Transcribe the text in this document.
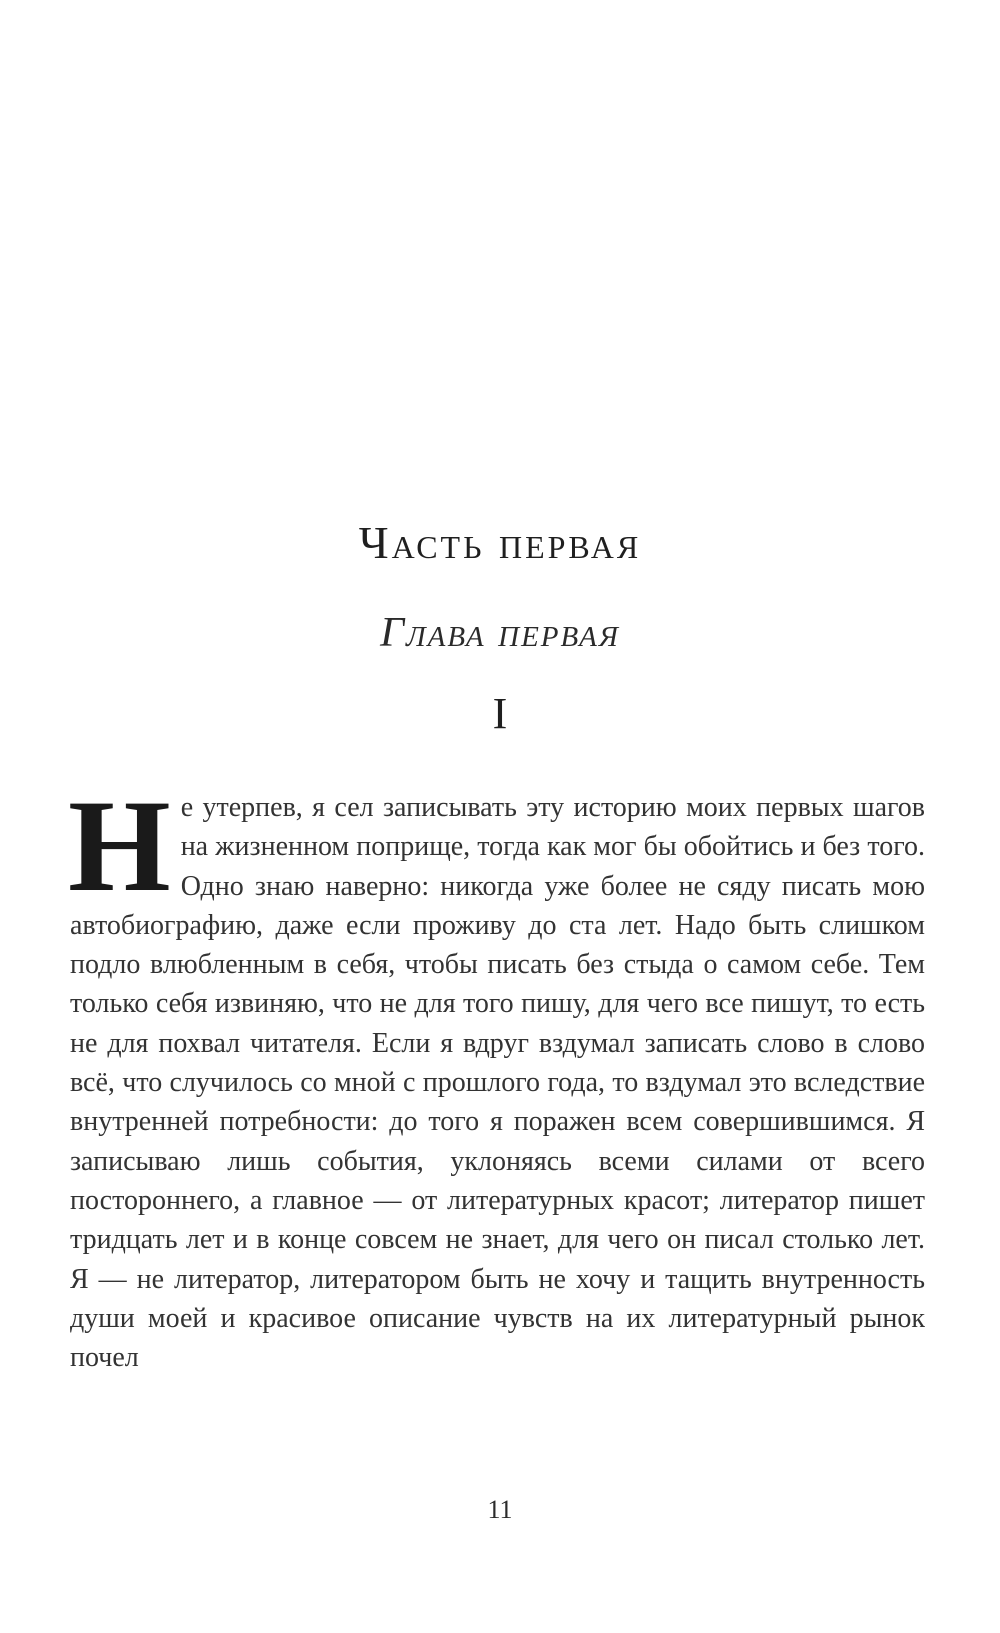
Часть первая
Глава первая
I
Не утерпев, я сел записывать эту историю моих первых шагов на жизненном поприще, тогда как мог бы обойтись и без того. Одно знаю наверно: никогда уже более не сяду писать мою автобиографию, даже если проживу до ста лет. Надо быть слишком подло влюбленным в себя, чтобы писать без стыда о самом себе. Тем только себя извиняю, что не для того пишу, для чего все пишут, то есть не для похвал читателя. Если я вдруг вздумал записать слово в слово всё, что случилось со мной с прошлого года, то вздумал это вследствие внутренней потребности: до того я поражен всем совершившимся. Я записываю лишь события, уклоняясь всеми силами от всего постороннего, а главное — от литературных красот; литератор пишет тридцать лет и в конце совсем не знает, для чего он писал столько лет. Я — не литератор, литератором быть не хочу и тащить внутренность души моей и красивое описание чувств на их литературный рынок почел
11
